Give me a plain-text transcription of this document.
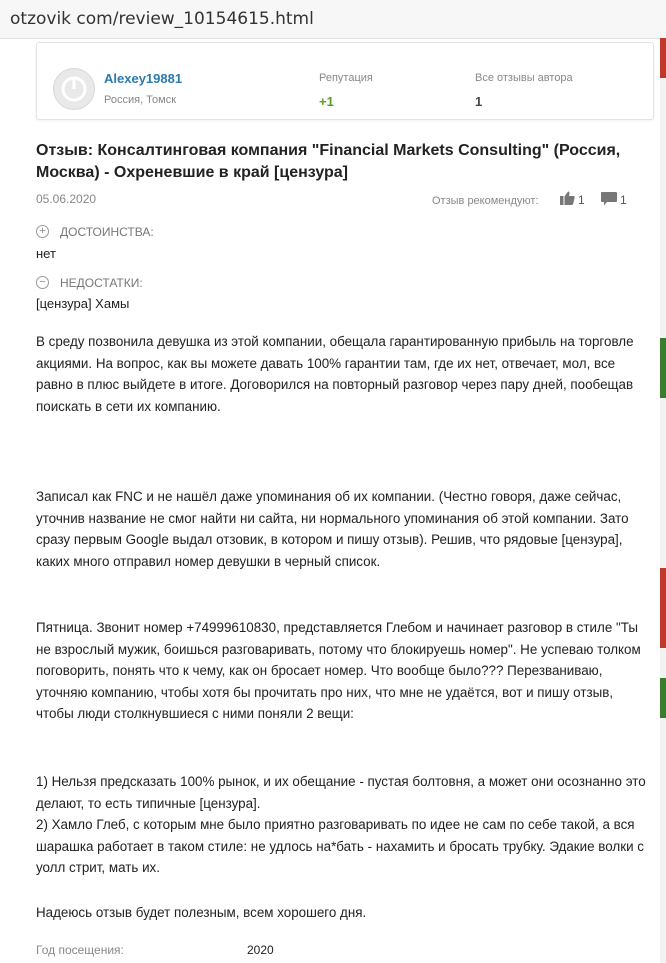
otzovik com/review_10154615.html
Alexey19881
Россия, Томск
Репутация
+1
Все отзывы автора
1
Отзыв: Консалтинговая компания "Financial Markets Consulting" (Россия, Москва) - Охреневшие в край [цензура]
05.06.2020	Отзыв рекомендуют:	1	1
+ ДОСТОИНСТВА:
нет
− НЕДОСТАТКИ:
[цензура] Хамы
В среду позвонила девушка из этой компании, обещала гарантированную прибыль на торговле акциями. На вопрос, как вы можете давать 100% гарантии там, где их нет, отвечает, мол, все равно в плюс выйдете в итоге. Договорился на повторный разговор через пару дней, пообещав поискать в сети их компанию.
Записал как FNC и не нашёл даже упоминания об их компании. (Честно говоря, даже сейчас, уточнив название не смог найти ни сайта, ни нормального упоминания об этой компании. Зато сразу первым Google выдал отзовик, в котором и пишу отзыв). Решив, что рядовые [цензура], каких много отправил номер девушки в черный список.
Пятница. Звонит номер +74999610830, представляется Глебом и начинает разговор в стиле "Ты не взрослый мужик, боишься разговаривать, потому что блокируешь номер". Не успеваю толком поговорить, понять что к чему, как он бросает номер. Что вообще было??? Перезваниваю, уточняю компанию, чтобы хотя бы прочитать про них, что мне не удаётся, вот и пишу отзыв, чтобы люди столкнувшиеся с ними поняли 2 вещи:
1) Нельзя предсказать 100% рынок, и их обещание - пустая болтовня, а может они осознанно это делают, то есть типичные [цензура].
2) Хамло Глеб, с которым мне было приятно разговаривать по идее не сам по себе такой, а вся шарашка работает в таком стиле: не удлось на*бать - нахамить и бросать трубку. Эдакие волки с уолл стрит, мать их.
Надеюсь отзыв будет полезным, всем хорошего дня.
Год посещения:	2020
